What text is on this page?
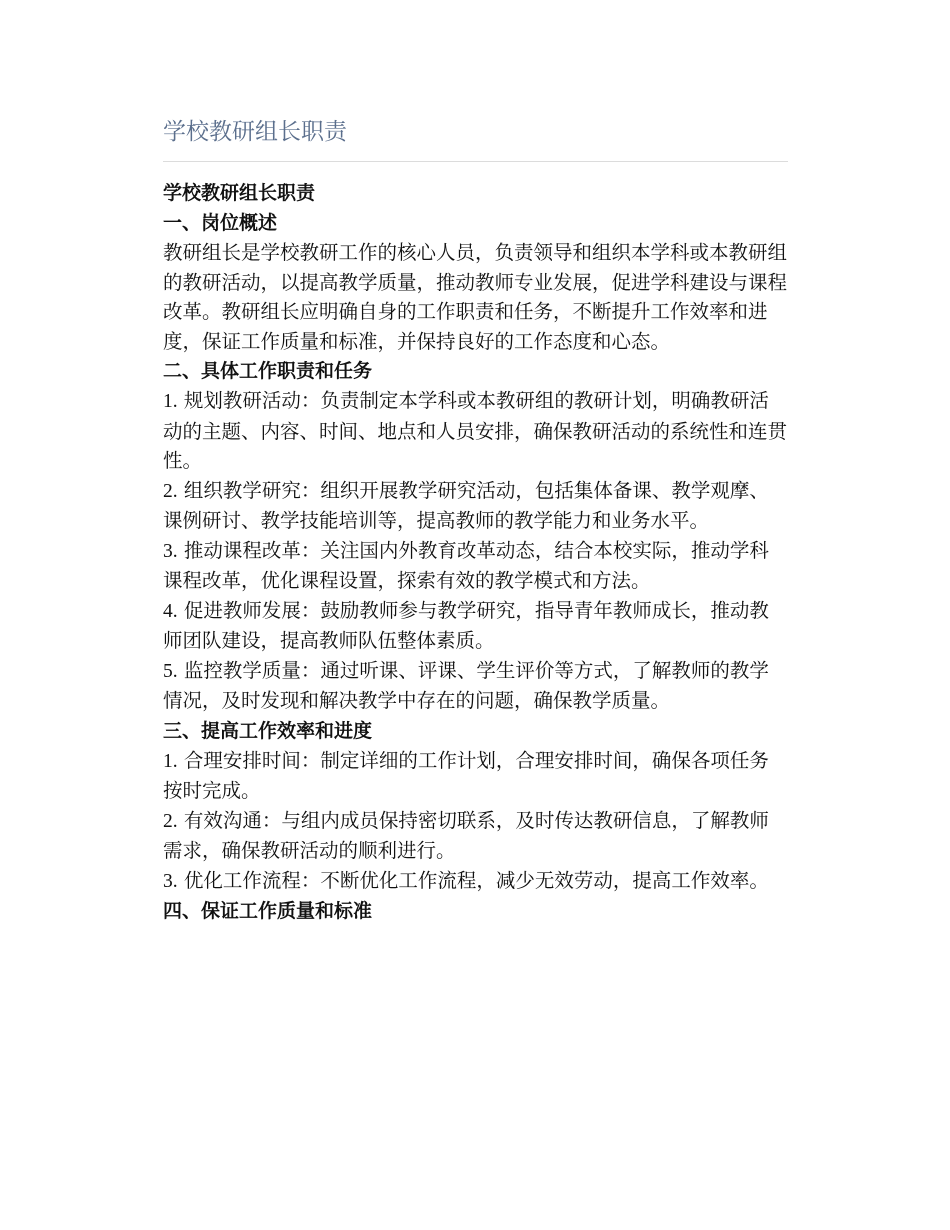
学校教研组长职责

学校教研组长职责

一、岗位概述

教研组长是学校教研工作的核心人员，负责领导和组织本学科或本教研组的教研活动，以提高教学质量，推动教师专业发展，促进学科建设与课程改革。教研组长应明确自身的工作职责和任务，不断提升工作效率和进度，保证工作质量和标准，并保持良好的工作态度和心态。

二、具体工作职责和任务

1. 规划教研活动：负责制定本学科或本教研组的教研计划，明确教研活动的主题、内容、时间、地点和人员安排，确保教研活动的系统性和连贯性。

2. 组织教学研究：组织开展教学研究活动，包括集体备课、教学观摩、课例研讨、教学技能培训等，提高教师的教学能力和业务水平。

3. 推动课程改革：关注国内外教育改革动态，结合本校实际，推动学科课程改革，优化课程设置，探索有效的教学模式和方法。

4. 促进教师发展：鼓励教师参与教学研究，指导青年教师成长，推动教师团队建设，提高教师队伍整体素质。

5. 监控教学质量：通过听课、评课、学生评价等方式，了解教师的教学情况，及时发现和解决教学中存在的问题，确保教学质量。

三、提高工作效率和进度

1. 合理安排时间：制定详细的工作计划，合理安排时间，确保各项任务按时完成。

2. 有效沟通：与组内成员保持密切联系，及时传达教研信息，了解教师需求，确保教研活动的顺利进行。

3. 优化工作流程：不断优化工作流程，减少无效劳动，提高工作效率。

四、保证工作质量和标准
